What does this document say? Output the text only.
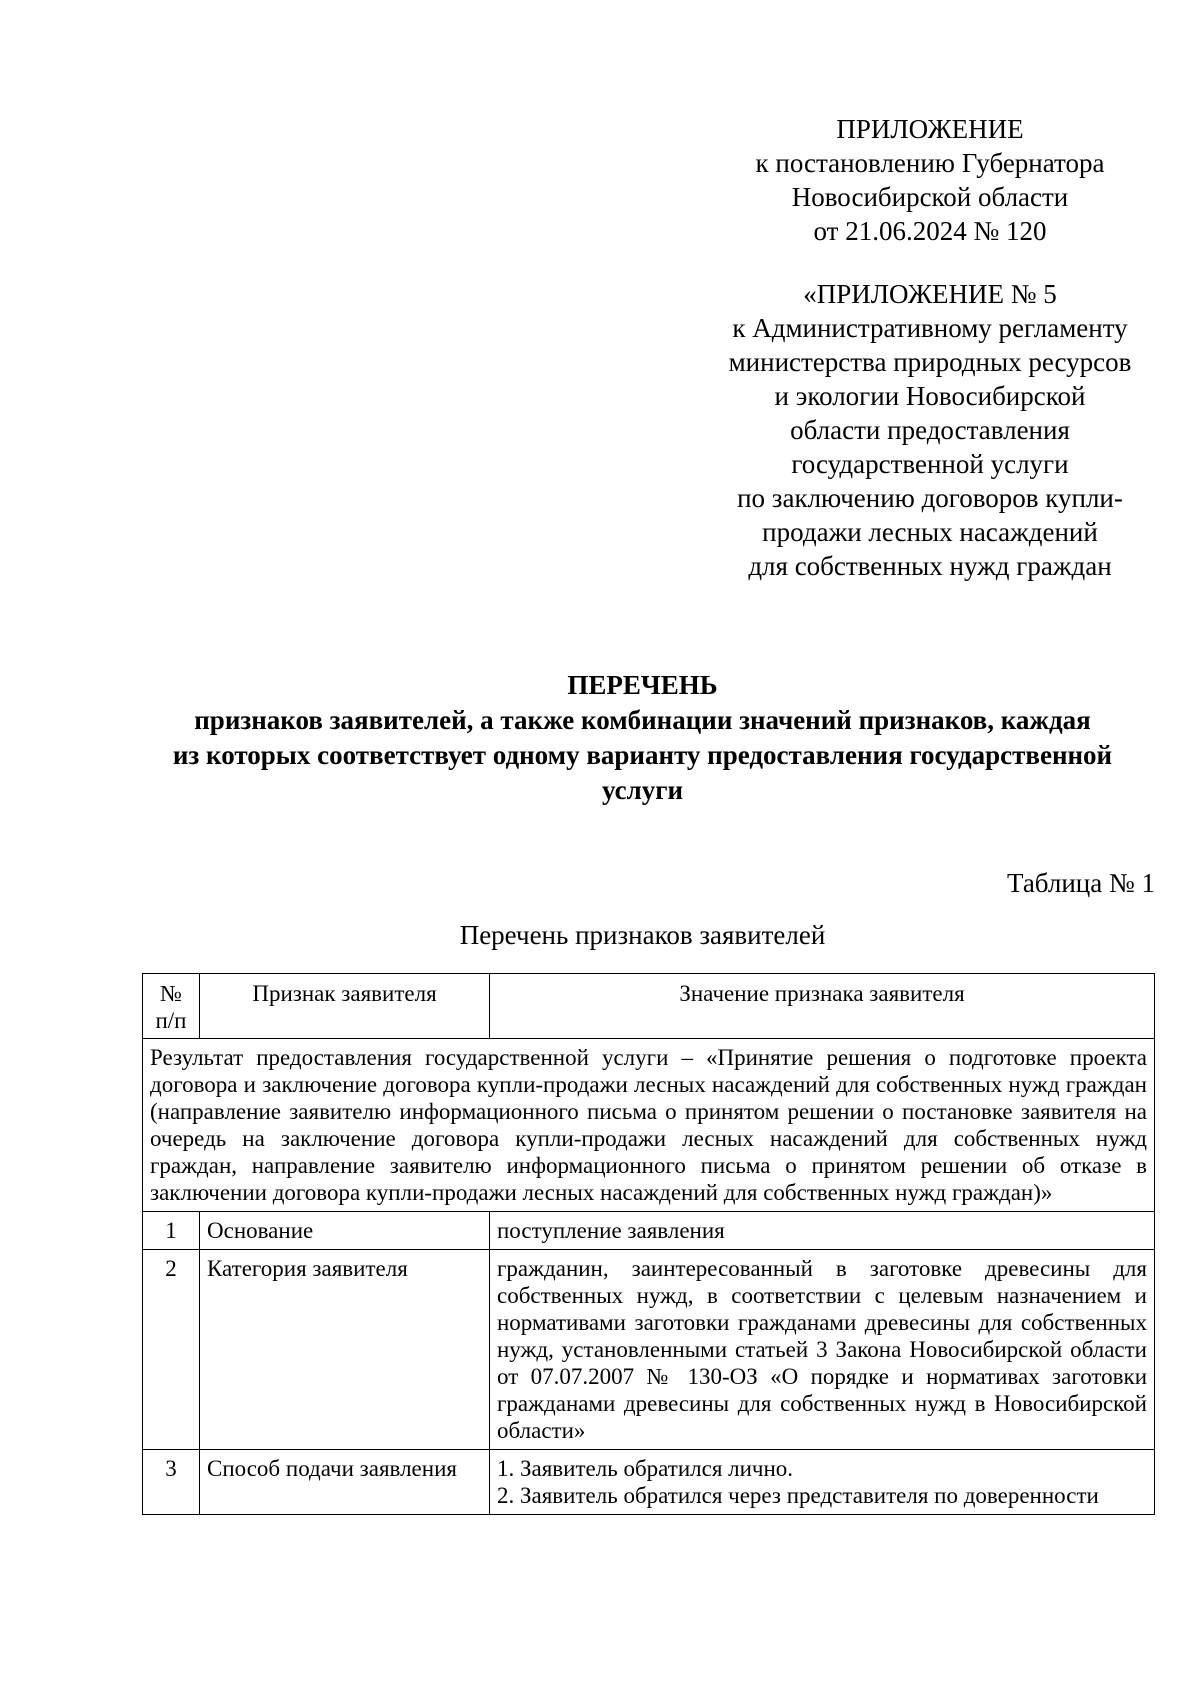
ПРИЛОЖЕНИЕ
к постановлению Губернатора
Новосибирской области
от 21.06.2024 № 120
«ПРИЛОЖЕНИЕ № 5
к Административному регламенту
министерства природных ресурсов
и экологии Новосибирской
области предоставления
государственной услуги
по заключению договоров купли-
продажи лесных насаждений
для собственных нужд граждан
ПЕРЕЧЕНЬ
признаков заявителей, а также комбинации значений признаков, каждая
из которых соответствует одному варианту предоставления государственной
услуги
Таблица № 1
Перечень признаков заявителей
№ п/п	Признак заявителя	Значение признака заявителя
Результат предоставления государственной услуги – «Принятие решения о подготовке проекта договора и заключение договора купли-продажи лесных насаждений для собственных нужд граждан (направление заявителю информационного письма о принятом решении о постановке заявителя на очередь на заключение договора купли-продажи лесных насаждений для собственных нужд граждан, направление заявителю информационного письма о принятом решении об отказе в заключении договора купли-продажи лесных насаждений для собственных нужд граждан)»		
1	Основание	поступление заявления
2	Категория заявителя	гражданин, заинтересованный в заготовке древесины для собственных нужд, в соответствии с целевым назначением и нормативами заготовки гражданами древесины для собственных нужд, установленными статьей 3 Закона Новосибирской области от 07.07.2007 № 130-ОЗ «О порядке и нормативах заготовки гражданами древесины для собственных нужд в Новосибирской области»
3	Способ подачи заявления	1. Заявитель обратился лично.
2. Заявитель обратился через представителя по доверенности
